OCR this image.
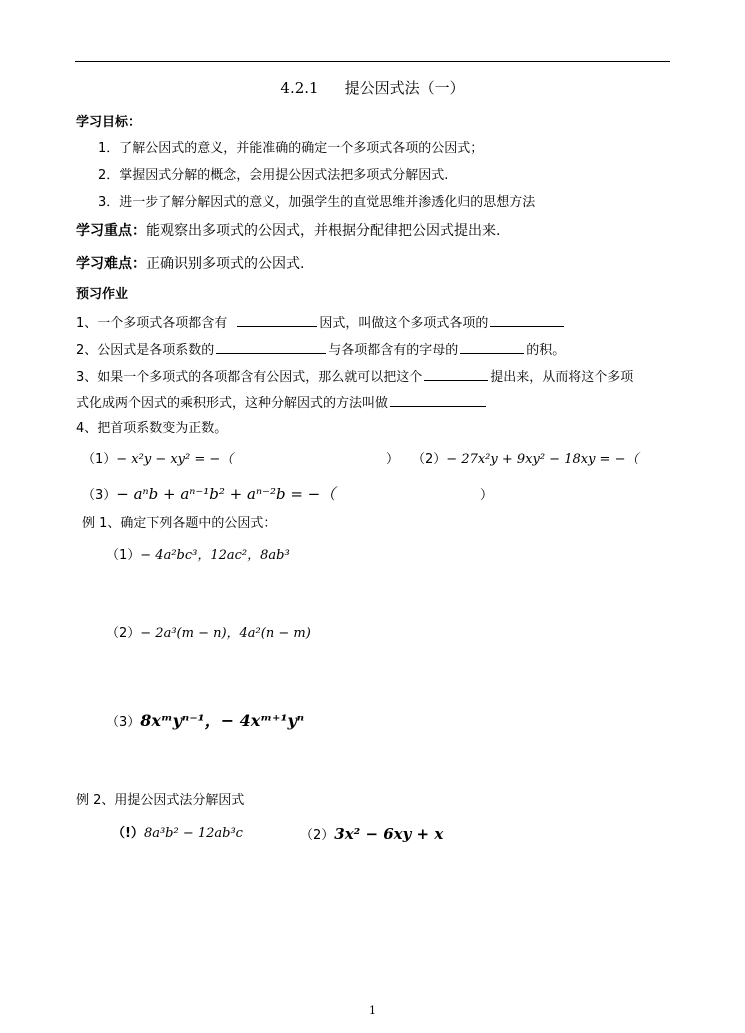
4.2.1 提公因式法（一）
学习目标：
1．了解公因式的意义，并能准确的确定一个多项式各项的公因式；
2．掌握因式分解的概念，会用提公因式法把多项式分解因式.
3．进一步了解分解因式的意义，加强学生的直觉思维并渗透化归的思想方法
学习重点：能观察出多项式的公因式，并根据分配律把公因式提出来.
学习难点：正确识别多项式的公因式.
预习作业
1、一个多项式各项都含有	因式，叫做这个多项式各项的
2、公因式是各项系数的	与各项都含有的字母的	的积。
3、如果一个多项式的各项都含有公因式，那么就可以把这个	提出来，从而将这个多项
式化成两个因式的乘积形式，这种分解因式的方法叫做
4、把首项系数变为正数。
（1）− x²y − xy² = −（	） （2）− 27x²y + 9xy² − 18xy = −（
（3）− aⁿb + aⁿ⁻¹b² + aⁿ⁻²b = −（	）
例 1、确定下列各题中的公因式：
（1）− 4a²bc³，12ac²，8ab³
（2）− 2a³(m − n)，4a²(n − m)
（3）8xᵐyⁿ⁻¹，− 4xᵐ⁺¹yⁿ
例 2、用提公因式法分解因式
（!）8a³b² − 12ab³c	（2）3x² − 6xy + x
1
